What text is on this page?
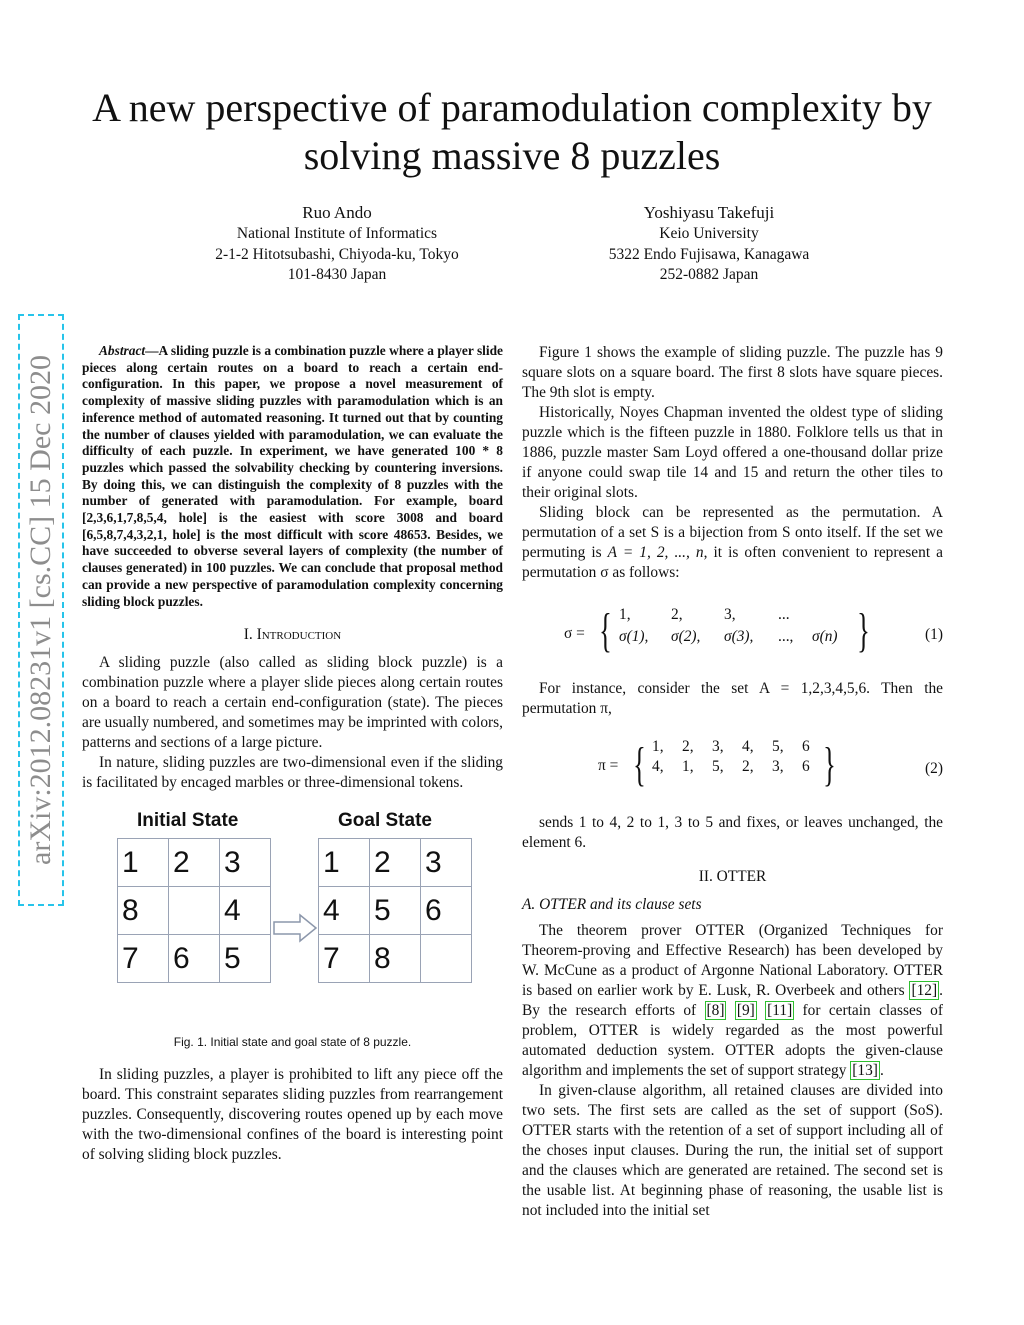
A new perspective of paramodulation complexity by solving massive 8 puzzles
Ruo Ando
National Institute of Informatics
2-1-2 Hitotsubashi, Chiyoda-ku, Tokyo
101-8430 Japan
Yoshiyasu Takefuji
Keio University
5322 Endo Fujisawa, Kanagawa
252-0882 Japan
arXiv:2012.08231v1 [cs.CC] 15 Dec 2020

Abstract—A sliding puzzle is a combination puzzle where a player slide pieces along certain routes on a board to reach a certain end-configuration. In this paper, we propose a novel measurement of complexity of massive sliding puzzles with paramodulation which is an inference method of automated reasoning. It turned out that by counting the number of clauses yielded with paramodulation, we can evaluate the difficulty of each puzzle. In experiment, we have generated 100 * 8 puzzles which passed the solvability checking by countering inversions. By doing this, we can distinguish the complexity of 8 puzzles with the number of generated with paramodulation. For example, board [2,3,6,1,7,8,5,4, hole] is the easiest with score 3008 and board [6,5,8,7,4,3,2,1, hole] is the most difficult with score 48653. Besides, we have succeeded to obverse several layers of complexity (the number of clauses generated) in 100 puzzles. We can conclude that proposal method can provide a new perspective of paramodulation complexity concerning sliding block puzzles.

I. Introduction

A sliding puzzle (also called as sliding block puzzle) is a combination puzzle where a player slide pieces along certain routes on a board to reach a certain end-configuration (state). The pieces are usually numbered, and sometimes may be imprinted with colors, patterns and sections of a large picture.

In nature, sliding puzzles are two-dimensional even if the sliding is facilitated by encaged marbles or three-dimensional tokens.

Initial State	Goal State
1	2	3
8		4
7	6	5
1	2	3
4	5	6
7	8	

Fig. 1. Initial state and goal state of 8 puzzle.

In sliding puzzles, a player is prohibited to lift any piece off the board. This constraint separates sliding puzzles from rearrangement puzzles. Consequently, discovering routes opened up by each move with the two-dimensional confines of the board is interesting point of solving sliding block puzzles.

Figure 1 shows the example of sliding puzzle. The puzzle has 9 square slots on a square board. The first 8 slots have square pieces. The 9th slot is empty.

Historically, Noyes Chapman invented the oldest type of sliding puzzle which is the fifteen puzzle in 1880. Folklore tells us that in 1886, puzzle master Sam Loyd offered a one-thousand dollar prize if anyone could swap tile 14 and 15 and return the other tiles to their original slots.

Sliding block can be represented as the permutation. A permutation of a set S is a bijection from S onto itself. If the set we permuting is A = 1, 2, ..., n, it is often convenient to represent a permutation σ as follows:

σ = { 1,	2,	3,	...
σ(1), σ(2), σ(3), ..., σ(n) }	(1)

For instance, consider the set A = 1,2,3,4,5,6. Then the permutation π,

π = { 1, 2, 3, 4, 5, 6
4, 1, 5, 2, 3, 6 }	(2)

sends 1 to 4, 2 to 1, 3 to 5 and fixes, or leaves unchanged, the element 6.

II. OTTER
A. OTTER and its clause sets

The theorem prover OTTER (Organized Techniques for Theorem-proving and Effective Research) has been developed by W. McCune as a product of Argonne National Laboratory. OTTER is based on earlier work by E. Lusk, R. Overbeek and others [12] . By the research efforts of [8] [9] [11] for certain classes of problem, OTTER is widely regarded as the most powerful automated deduction system. OTTER adopts the given-clause algorithm and implements the set of support strategy [13] .

In given-clause algorithm, all retained clauses are divided into two sets. The first sets are called as the set of support (SoS). OTTER starts with the retention of a set of support including all of the choses input clauses. During the run, the initial set of support and the clauses which are generated are retained. The second set is the usable list. At beginning phase of reasoning, the usable list is not included into the initial set
